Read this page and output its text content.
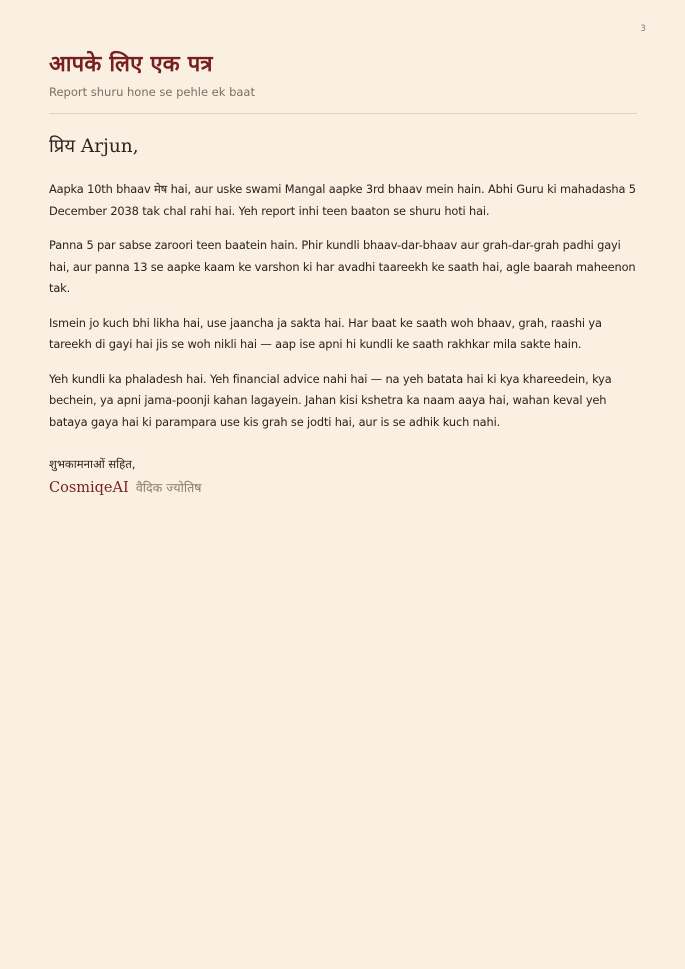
3
आपके लिए एक पत्र
Report shuru hone se pehle ek baat
प्रिय Arjun,

Aapka 10th bhaav मेष hai, aur uske swami Mangal aapke 3rd bhaav mein hain. Abhi Guru ki mahadasha 5 December 2038 tak chal rahi hai. Yeh report inhi teen baaton se shuru hoti hai.

Panna 5 par sabse zaroori teen baatein hain. Phir kundli bhaav-dar-bhaav aur grah-dar-grah padhi gayi hai, aur panna 13 se aapke kaam ke varshon ki har avadhi taareekh ke saath hai, agle baarah maheenon tak.

Ismein jo kuch bhi likha hai, use jaancha ja sakta hai. Har baat ke saath woh bhaav, grah, raashi ya tareekh di gayi hai jis se woh nikli hai — aap ise apni hi kundli ke saath rakhkar mila sakte hain.

Yeh kundli ka phaladesh hai. Yeh financial advice nahi hai — na yeh batata hai ki kya khareedein, kya bechein, ya apni jama-poonji kahan lagayein. Jahan kisi kshetra ka naam aaya hai, wahan keval yeh bataya gaya hai ki parampara use kis grah se jodti hai, aur is se adhik kuch nahi.

शुभकामनाओं सहित,
CosmiqeAI वैदिक ज्योतिष
